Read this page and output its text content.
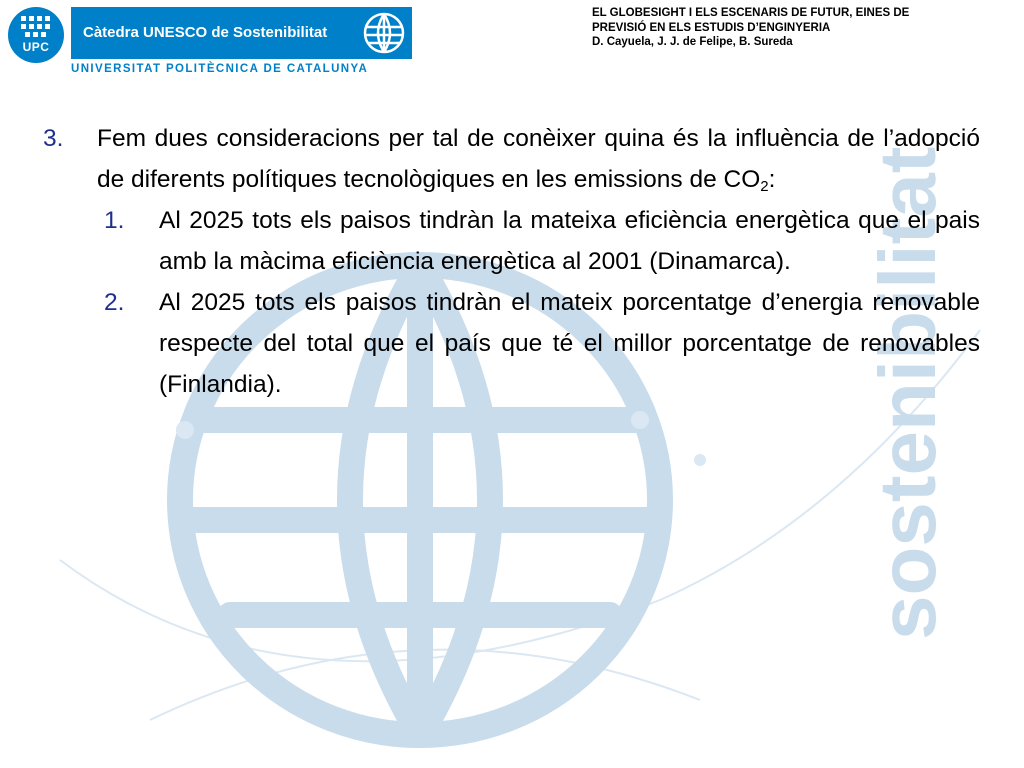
sostenibilitat
UPC
Càtedra UNESCO de Sostenibilitat
UNIVERSITAT POLITÈCNICA DE CATALUNYA
EL GLOBESIGHT I ELS ESCENARIS DE FUTUR, EINES DE
PREVISIÓ EN ELS ESTUDIS D’ENGINYERIA
D. Cayuela, J. J. de Felipe, B. Sureda
3. Fem dues consideracions per tal de conèixer quina és la influència de l’adopció de diferents polítiques tecnològiques en les emissions de $CO_2$:
1. Al 2025 tots els paisos tindràn la mateixa eficiència energètica que el pais amb la màcima eficiència energètica al 2001 (Dinamarca).
2. Al 2025 tots els paisos tindràn el mateix porcentatge d’energia renovable respecte del total que el país que té el millor porcentatge de renovables (Finlandia).
